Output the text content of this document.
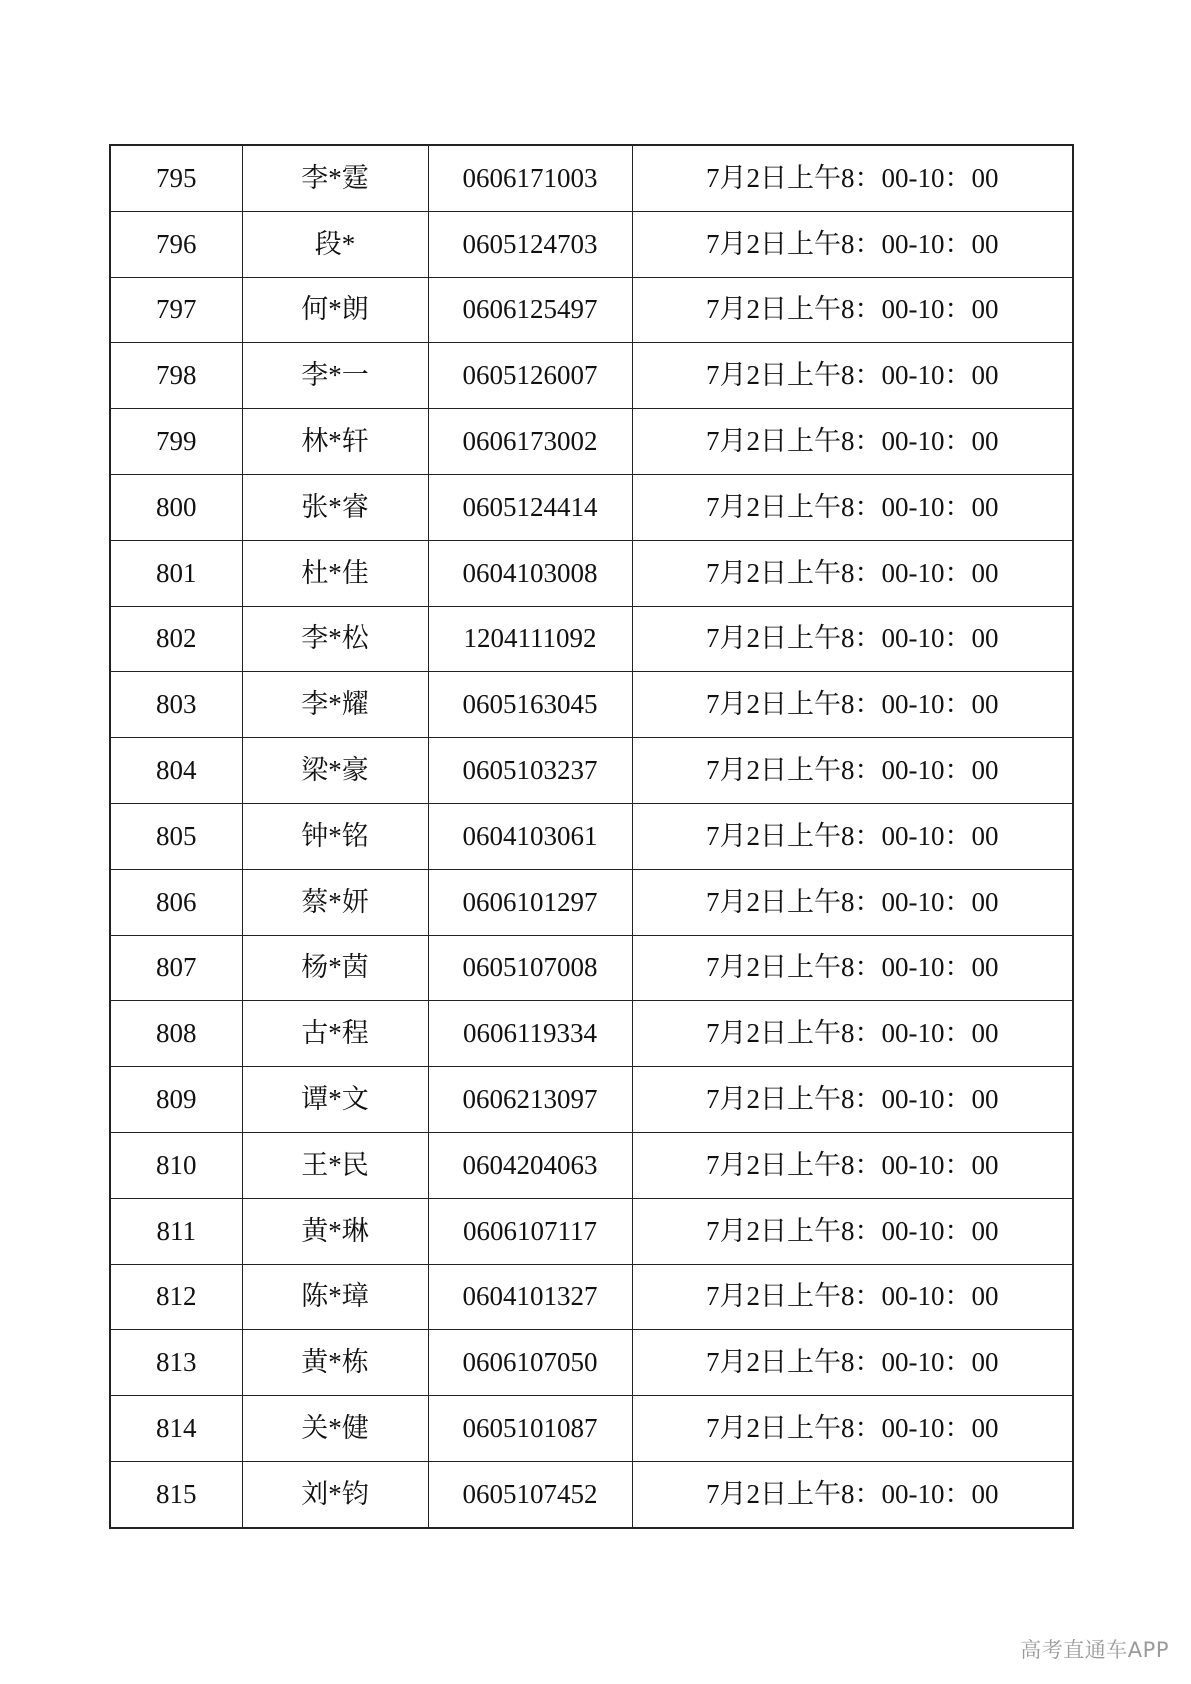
795	李*霆	0606171003	7月2日上午8：00-10：00
796	段*	0605124703	7月2日上午8：00-10：00
797	何*朗	0606125497	7月2日上午8：00-10：00
798	李*一	0605126007	7月2日上午8：00-10：00
799	林*轩	0606173002	7月2日上午8：00-10：00
800	张*睿	0605124414	7月2日上午8：00-10：00
801	杜*佳	0604103008	7月2日上午8：00-10：00
802	李*松	1204111092	7月2日上午8：00-10：00
803	李*耀	0605163045	7月2日上午8：00-10：00
804	梁*豪	0605103237	7月2日上午8：00-10：00
805	钟*铭	0604103061	7月2日上午8：00-10：00
806	蔡*妍	0606101297	7月2日上午8：00-10：00
807	杨*茵	0605107008	7月2日上午8：00-10：00
808	古*程	0606119334	7月2日上午8：00-10：00
809	谭*文	0606213097	7月2日上午8：00-10：00
810	王*民	0604204063	7月2日上午8：00-10：00
811	黄*琳	0606107117	7月2日上午8：00-10：00
812	陈*璋	0604101327	7月2日上午8：00-10：00
813	黄*栋	0606107050	7月2日上午8：00-10：00
814	关*健	0605101087	7月2日上午8：00-10：00
815	刘*钧	0605107452	7月2日上午8：00-10：00
高考直通车APP
